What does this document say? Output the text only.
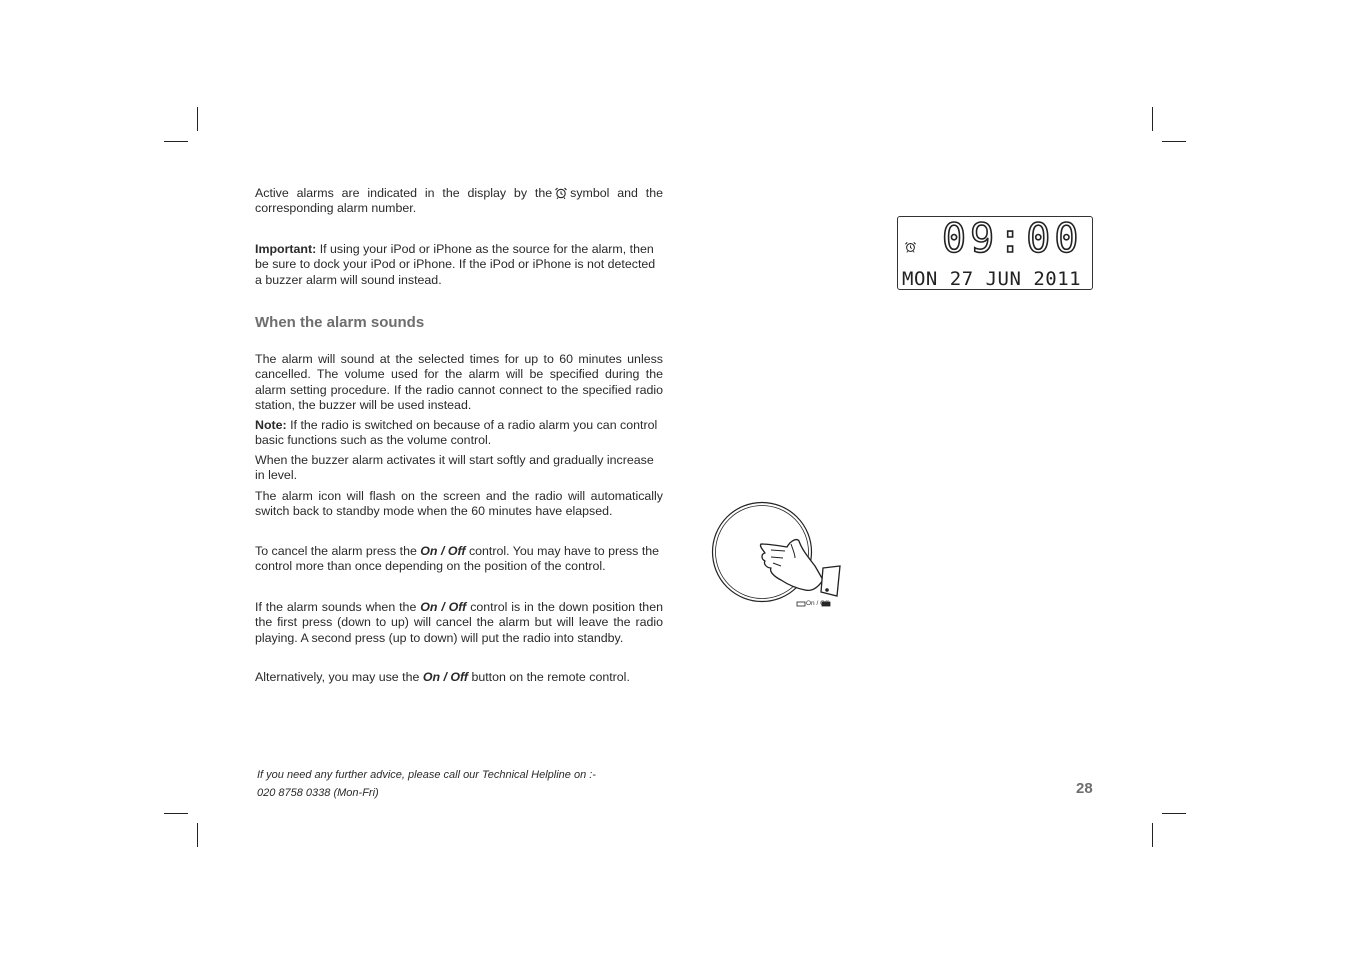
Active alarms are indicated in the display by the symbol and the corresponding alarm number.

Important: If using your iPod or iPhone as the source for the alarm, then be sure to dock your iPod or iPhone. If the iPod or iPhone is not detected a buzzer alarm will sound instead.

When the alarm sounds

The alarm will sound at the selected times for up to 60 minutes unless cancelled. The volume used for the alarm will be specified during the alarm setting procedure. If the radio cannot connect to the specified radio station, the buzzer will be used instead.

Note: If the radio is switched on because of a radio alarm you can control basic functions such as the volume control.

When the buzzer alarm activates it will start softly and gradually increase in level.

The alarm icon will flash on the screen and the radio will automatically switch back to standby mode when the 60 minutes have elapsed.

To cancel the alarm press the On / Off control. You may have to press the control more than once depending on the position of the control.

If the alarm sounds when the On / Off control is in the down position then the first press (down to up) will cancel the alarm but will leave the radio playing. A second press (up to down) will put the radio into standby.

Alternatively, you may use the On / Off button on the remote control.

If you need any further advice, please call our Technical Helpline on :-
020 8758 0338 (Mon-Fri)	28
09:00
MON 27 JUN 2011
On / Off
